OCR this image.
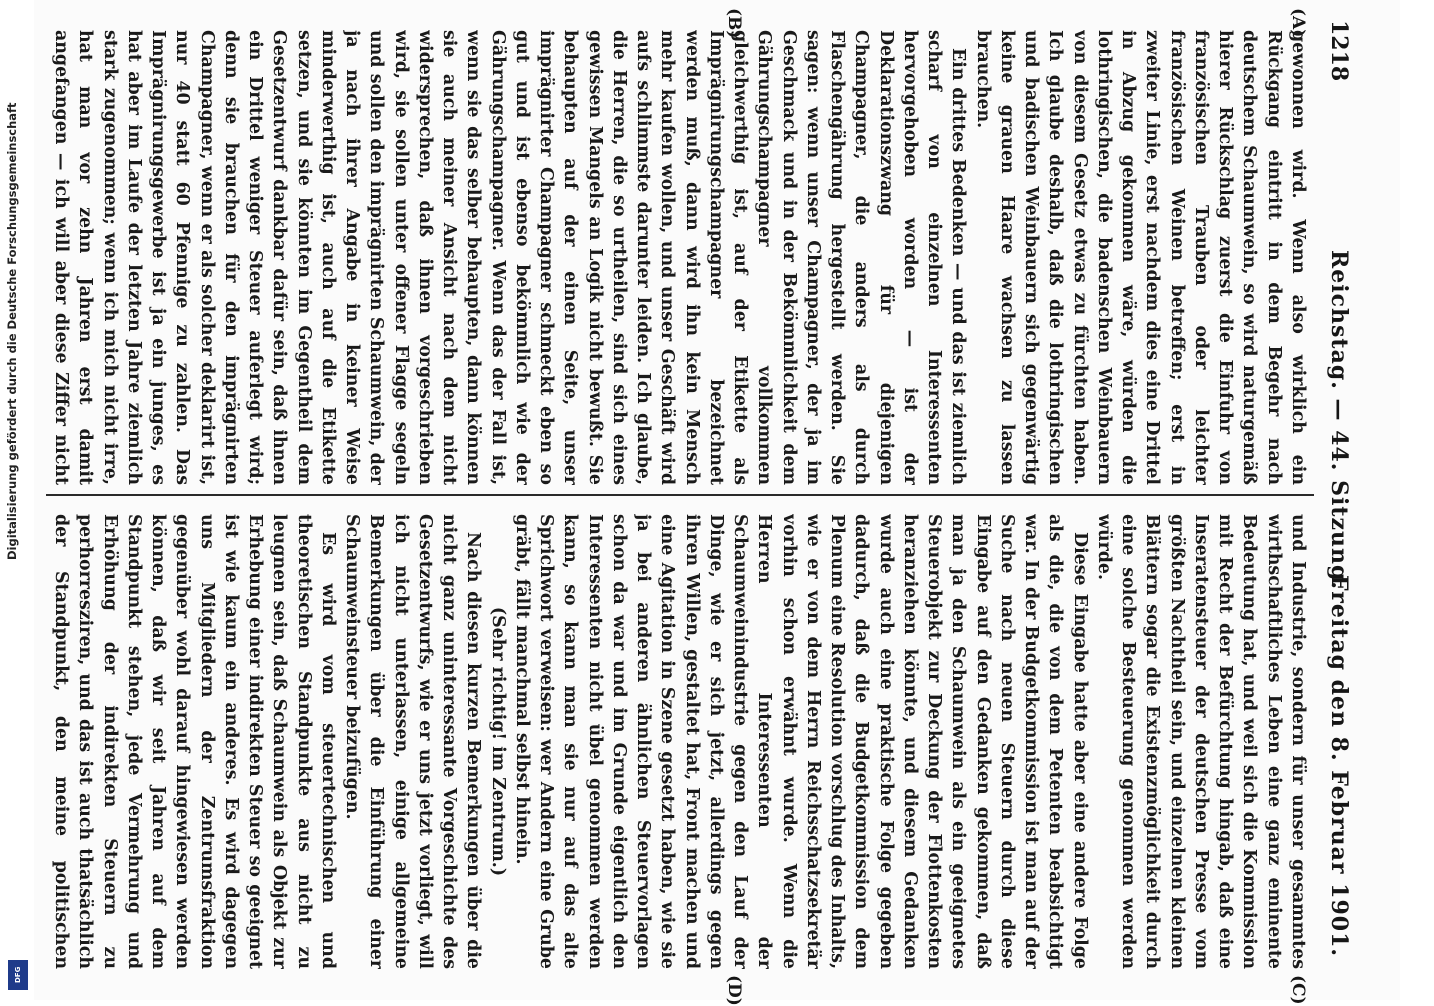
1218
Reichstag. — 44. Sitzung.
Freitag den 8. Februar 1901.
(A)
(B)
(C)
(D)

gewonnen wird. Wenn also wirklich ein Rückgang eintritt in dem Begehr nach deutschem Schaumwein, so wird naturgemäß hierer Rückschlag zuerst die Einfuhr von französischen Trauben oder leichter französischen Weinen betreffen; erst in zweiter Linie, erst nachdem dies eine Drittel in Abzug gekommen wäre, würden die lothringischen, die badenschen Weinbauern von diesem Gesetz etwas zu fürchten haben. Ich glaube deshalb, daß die lothringischen und badischen Weinbauern sich gegenwärtig keine grauen Haare wachsen zu lassen brauchen.

Ein drittes Bedenken — und das ist ziemlich scharf von einzelnen Interessenten hervorgehoben worden — ist der Deklarationszwang für diejenigen Champagner, die anders als durch Flaschengährung hergestellt werden. Sie sagen: wenn unser Champagner, der ja im Geschmack und in der Bekömmlichkeit dem Gährungschampagner vollkommen gleichwerthig ist, auf der Etikette als Imprägnirungschampagner bezeichnet werden muß, dann wird ihn kein Mensch mehr kaufen wollen, und unser Geschäft wird aufs schlimmste darunter leiden. Ich glaube, die Herren, die so urtheilen, sind sich eines gewissen Mangels an Logik nicht bewußt. Sie behaupten auf der einen Seite, unser imprägnirter Champagner schmeckt eben so gut und ist ebenso bekömmlich wie der Gährungschampagner. Wenn das der Fall ist, wenn sie das selber behaupten, dann können sie auch meiner Ansicht nach dem nicht widersprechen, daß ihnen vorgeschrieben wird, sie sollen unter offener Flagge segeln und sollen den imprägnirten Schaumwein, der ja nach ihrer Angabe in keiner Weise minderwerthig ist, auch auf die Etikette setzen, und sie könnten im Gegentheil dem Gesetzentwurf dankbar dafür sein, daß ihnen ein Drittel weniger Steuer auferlegt wird; denn sie brauchen für den imprägnirten Champagner, wenn er als solcher deklarirt ist, nur 40 statt 60 Pfennige zu zahlen. Das Imprägnirungsgewerbe ist ja ein junges, es hat aber im Laufe der letzten Jahre ziemlich stark zugenommen; wenn ich mich nicht irre, hat man vor zehn Jahren erst damit angefangen — ich will aber diese Ziffer nicht

und Industrie, sondern für unser gesammtes wirthschaftliches Leben eine ganz eminente Bedeutung hat, und weil sich die Kommission mit Recht der Befürchtung hingab, daß eine Inseratensteuer der deutschen Presse vom größten Nachtheil sein, und einzelnen kleinen Blättern sogar die Existenzmöglichkeit durch eine solche Besteuerung genommen werden würde.

Diese Eingabe hatte aber eine andere Folge als die, die von dem Petenten beabsichtigt war. In der Budgetkommission ist man auf der Suche nach neuen Steuern durch diese Eingabe auf den Gedanken gekommen, daß man ja den Schaumwein als ein geeignetes Steuerobjekt zur Deckung der Flottenkosten heranziehen könnte, und diesem Gedanken wurde auch eine praktische Folge gegeben dadurch, daß die Budgetkommission dem Plenum eine Resolution vorschlug des Inhalts, wie er von dem Herrn Reichsschatzsekretär vorhin schon erwähnt wurde. Wenn die Herren Interessenten der Schaumweinindustrie gegen den Lauf der Dinge, wie er sich jetzt, allerdings gegen ihren Willen, gestaltet hat, Front machen und eine Agitation in Szene gesetzt haben, wie sie ja bei anderen ähnlichen Steuervorlagen schon da war und im Grunde eigentlich den Interessenten nicht übel genommen werden kann, so kann man sie nur auf das alte Sprichwort verweisen: wer Andern eine Grube gräbt, fällt manchmal selbst hinein.

(Sehr richtig! im Zentrum.)

Nach diesen kurzen Bemerkungen über die nicht ganz uninteressante Vorgeschichte des Gesetzentwurfs, wie er uns jetzt vorliegt, will ich nicht unterlassen, einige allgemeine Bemerkungen über die Einführung einer Schaumweinsteuer beizufügen.

Es wird vom steuertechnischen und theoretischen Standpunkte aus nicht zu leugnen sein, daß Schaumwein als Objekt zur Erhebung einer indirekten Steuer so geeignet ist wie kaum ein anderes. Es wird dagegen uns Mitgliedern der Zentrumsfraktion gegenüber wohl darauf hingewiesen werden können, daß wir seit Jahren auf dem Standpunkt stehen, jede Vermehrung und Erhöhung der indirekten Steuern zu perhorresziren, und das ist auch thatsächlich der Standpunkt, den meine politischen

Digitalisierung gefördert durch die Deutsche Forschungsgemeinschaft
DFG
